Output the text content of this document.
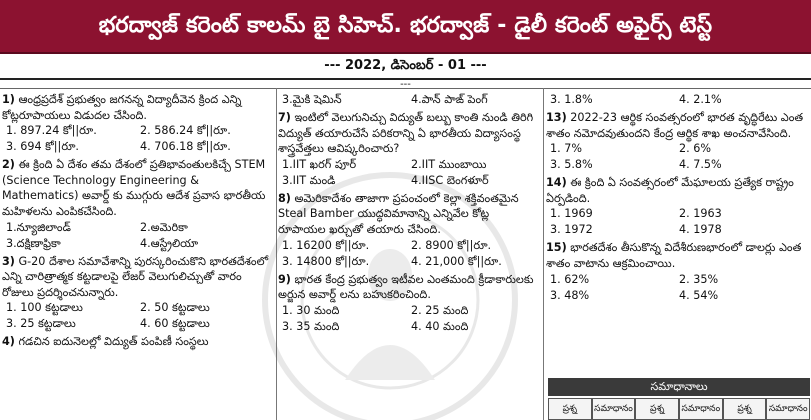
భరద్వాజ్ కరెంట్ కాలమ్ బై సిహెచ్. భరద్వాజ్ - డైలీ కరెంట్ అఫైర్స్ టెస్ట్
--- 2022, డిసెంబర్ - 01 ---
---

1) ఆంధ్రప్రదేశ్ ప్రభుత్వం జగనన్న విద్యాదీవెన క్రింద ఎన్ని కోట్లరూపాయలు విడుదల చేసింది.

1. 897.24 కో||రూ.	2. 586.24 కో||రూ.
3. 694 కో||రూ.	4. 706.18 కో||రూ.

2) ఈ క్రింది ఏ దేశం తమ దేశంలో ప్రతిభావంతులకిచ్చే STEM (Science Technology Engineering & Mathematics) అవార్డ్ కు ముగ్గురు ఆదేశ ప్రవాస భారతీయ మహిళలను ఎంపికచేసింది.

1.న్యూజిలాండ్	2.అమెరికా
3.దక్షిణాఫ్రికా	4.ఆస్ట్రేలియా

3) G-20 దేశాల సమావేశాన్ని పురస్కరించుకొని భారతదేశంలో ఎన్ని చారిత్రాత్మక కట్టడాలపై లేజర్ వెలుగులిచ్చుతో వారం రోజులు ప్రదర్శించనున్నారు.

1. 100 కట్టడాలు	2. 50 కట్టడాలు
3. 25 కట్టడాలు	4. 60 కట్టడాలు

4) గడచిన ఐదునెలల్లో విద్యుత్ పంపిణీ సంస్థలు

3.మైకి షెమిన్	4.పాన్ పాఙ్ పెంగ్

7) ఇంటిలో వెలుగునిచ్చు విద్యుత్ బల్బు కాంతి నుండి తిరిగి విద్యుత్ తయారుచేసే పరికరాన్ని ఏ భారతీయ విద్యాసంస్థ శాస్త్రవేత్తలు ఆవిష్కరించారు?

1.IIT ఖరగ్ పూర్	2.IIT ముంబాయి
3.IIT మండి	4.IISC బెంగళూర్

8) అమెరికాదేశం తాజాగా ప్రపంచంలో కెల్లా శక్తివంతమైన Steal Bamber యుద్ధవిమానాన్ని ఎన్నివేల కోట్ల రూపాయల ఖర్చుతో తయారు చేసింది.

1. 16200 కో||రూ.	2. 8900 కో||రూ.
3. 14800 కో||రూ.	4. 21,000 కో||రూ.

9) భారత కేంద్ర ప్రభుత్వం ఇటీవల ఎంతమంది క్రీడాకారులకు అర్జున అవార్డ్ లను బహుకరించింది.

1. 30 మంది	2. 25 మంది
3. 35 మంది	4. 40 మంది
3. 1.8%	4. 2.1%

13) 2022-23 ఆర్థిక సంవత్సరంలో భారత వృద్ధిరేటు ఎంత శాతం నమోదవుతుందని కేంద్ర ఆర్థిక శాఖ అంచనావేసింది.

1. 7%	2. 6%
3. 5.8%	4. 7.5%

14) ఈ క్రింది ఏ సంవత్సరంలో మేఘాలయ ప్రత్యేక రాష్ట్రం ఏర్పడింది.

1. 1969	2. 1963
3. 1972	4. 1978

15) భారతదేశం తీసుకొన్న విదేశీరుణభారంలో డాలర్లు ఎంత శాతం వాటాను ఆక్రమించాయి.

1. 62%	2. 35%
3. 48%	4. 54%
సమాధానాలు
ప్రశ్న	సమాధానం	ప్రశ్న	సమాధానం	ప్రశ్న	సమాధానం
